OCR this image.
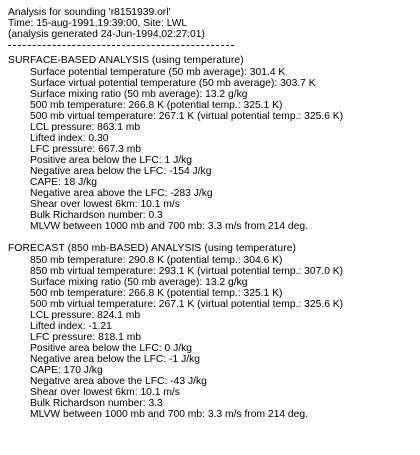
Analysis for sounding 'r8151939.orl'
Time: 15-aug-1991,19:39:00, Site: LWL
(analysis generated 24-Jun-1994,02:27:01)
SURFACE-BASED ANALYSIS (using temperature)
Surface potential temperature (50 mb average): 301.4 K
Surface virtual potential temperature (50 mb average): 303.7 K
Surface mixing ratio (50 mb average): 13.2 g/kg
500 mb temperature: 266.8 K (potential temp.: 325.1 K)
500 mb virtual temperature: 267.1 K (virtual potential temp.: 325.6 K)
LCL pressure: 863.1 mb
Lifted index: 0.30
LFC pressure: 667.3 mb
Positive area below the LFC: 1 J/kg
Negative area below the LFC: -154 J/kg
CAPE: 18 J/kg
Negative area above the LFC: -283 J/kg
Shear over lowest 6km: 10.1 m/s
Bulk Richardson number: 0.3
MLVW between 1000 mb and 700 mb: 3.3 m/s from 214 deg.
FORECAST (850 mb-BASED) ANALYSIS (using temperature)
850 mb temperature: 290.8 K (potential temp.: 304.6 K)
850 mb virtual temperature: 293.1 K (virtual potential temp.: 307.0 K)
Surface mixing ratio (50 mb average): 13.2 g/kg
500 mb temperature: 266.8 K (potential temp.: 325.1 K)
500 mb virtual temperature: 267.1 K (virtual potential temp.: 325.6 K)
LCL pressure: 824.1 mb
Lifted index: -1.21
LFC pressure: 818.1 mb
Positive area below the LFC: 0 J/kg
Negative area below the LFC: -1 J/kg
CAPE: 170 J/kg
Negative area above the LFC: -43 J/kg
Shear over lowest 6km: 10.1 m/s
Bulk Richardson number: 3.3
MLVW between 1000 mb and 700 mb: 3.3 m/s from 214 deg.
